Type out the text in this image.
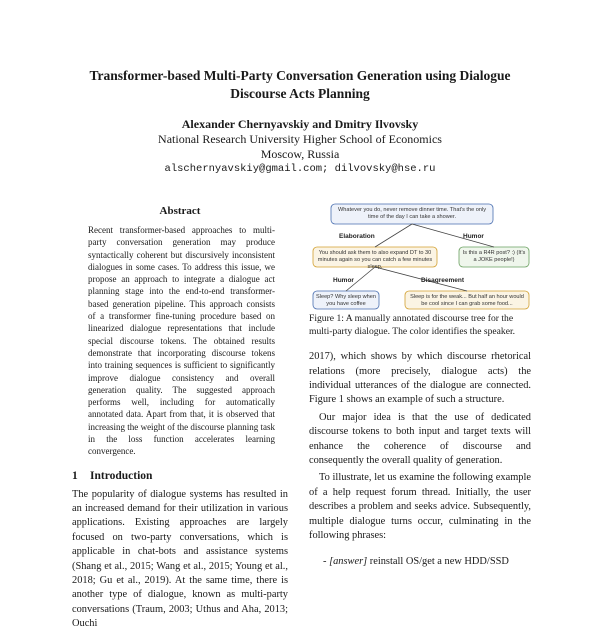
Transformer-based Multi-Party Conversation Generation using Dialogue Discourse Acts Planning
Alexander Chernyavskiy and Dmitry Ilvovsky
National Research University Higher School of Economics
Moscow, Russia
alschernyavskiy@gmail.com; dilvovsky@hse.ru
Abstract

Recent transformer-based approaches to multi-party conversation generation may produce syntactically coherent but discursively inconsistent dialogues in some cases. To address this issue, we propose an approach to integrate a dialogue act planning stage into the end-to-end transformer-based generation pipeline. This approach consists of a transformer fine-tuning procedure based on linearized dialogue representations that include special discourse tokens. The obtained results demonstrate that incorporating discourse tokens into training sequences is sufficient to significantly improve dialogue consistency and overall generation quality. The suggested approach performs well, including for automatically annotated data. Apart from that, it is observed that increasing the weight of the discourse planning task in the loss function accelerates learning convergence.

1 Introduction

The popularity of dialogue systems has resulted in an increased demand for their utilization in various applications. Existing approaches are largely focused on two-party conversations, which is applicable in chat-bots and assistance systems (Shang et al., 2015; Wang et al., 2015; Young et al., 2018; Gu et al., 2019). At the same time, there is another type of dialogue, known as multi-party conversations (Traum, 2003; Uthus and Aha, 2013; Ouchi

Whatever you do, never remove dinner time. That's the only time of the day I can take a shower.
You should ask them to also expand DT to 30 minutes again so you can catch a few minutes sleep.
Is this a R4R post? :) (It's a JOKE people!)
Sleep? Why sleep when you have coffee
Sleep is for the weak... But half an hour would be cool since I can grab some food...
Elaboration	Humor
Humor	Disagreement

Figure 1: A manually annotated discourse tree for the multi-party dialogue. The color identifies the speaker.

2017), which shows by which discourse rhetorical relations (more precisely, dialogue acts) the individual utterances of the dialogue are connected. Figure 1 shows an example of such a structure.

Our major idea is that the use of dedicated discourse tokens to both input and target texts will enhance the coherence of discourse and consequently the overall quality of generation.

To illustrate, let us examine the following example of a help request forum thread. Initially, the user describes a problem and seeks advice. Subsequently, multiple dialogue turns occur, culminating in the following phrases:

- [answer] reinstall OS/get a new HDD/SSD
